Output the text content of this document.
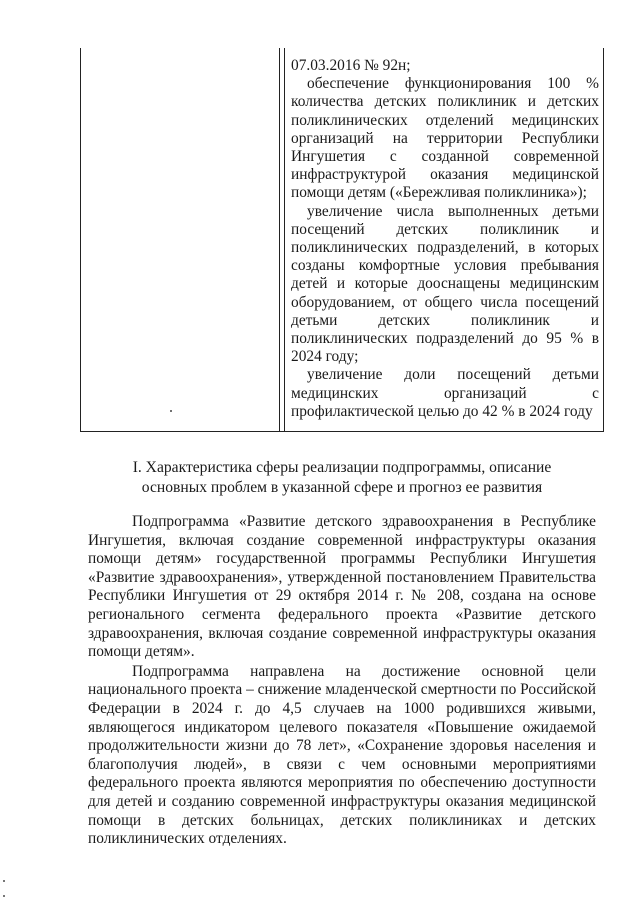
07.03.2016 № 92н;

обеспечение функционирования 100 % количества детских поликлиник и детских поликлинических отделений медицинских организаций на территории Республики Ингушетия с созданной современной инфраструктурой оказания медицинской помощи детям («Бережливая поликлиника»);

увеличение числа выполненных детьми посещений детских поликлиник и поликлинических подразделений, в которых созданы комфортные условия пребывания детей и которые дооснащены медицинским оборудованием, от общего числа посещений детьми детских поликлиник и поликлинических подразделений до 95 % в 2024 году;

увеличение доли посещений детьми медицинских организаций с профилактической целью до 42 % в 2024 году

I. Характеристика сферы реализации подпрограммы, описание
основных проблем в указанной сфере и прогноз ее развития

Подпрограмма «Развитие детского здравоохранения в Республике Ингушетия, включая создание современной инфраструктуры оказания помощи детям» государственной программы Республики Ингушетия «Развитие здравоохранения», утвержденной постановлением Правительства Республики Ингушетия от 29 октября 2014 г. № 208, создана на основе регионального сегмента федерального проекта «Развитие детского здравоохранения, включая создание современной инфраструктуры оказания помощи детям».

Подпрограмма направлена на достижение основной цели национального проекта – снижение младенческой смертности по Российской Федерации в 2024 г. до 4,5 случаев на 1000 родившихся живыми, являющегося индикатором целевого показателя «Повышение ожидаемой продолжительности жизни до 78 лет», «Сохранение здоровья населения и благополучия людей», в связи с чем основными мероприятиями федерального проекта являются мероприятия по обеспечению доступности для детей и созданию современной инфраструктуры оказания медицинской помощи в детских больницах, детских поликлиниках и детских поликлинических отделениях.
